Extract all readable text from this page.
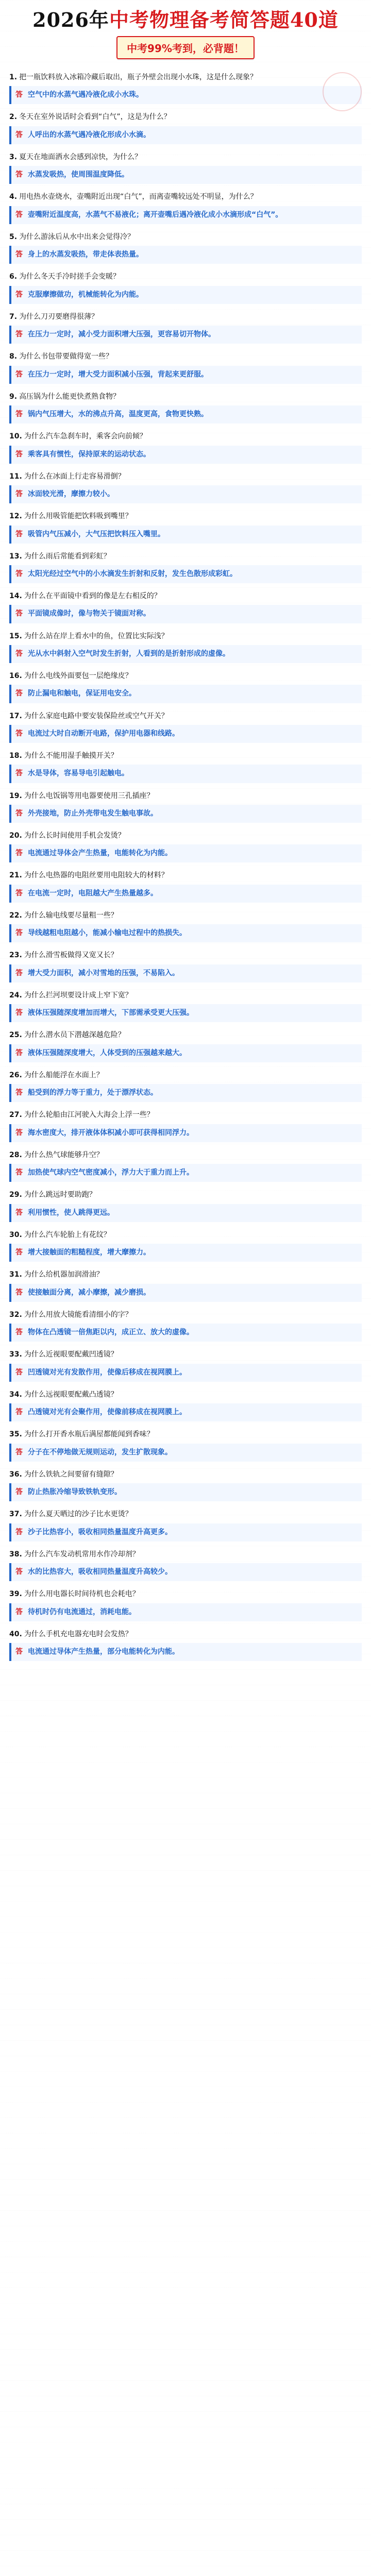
2026年中考物理备考简答题40道
中考99%考到，必背题！

1. 把一瓶饮料放入冰箱冷藏后取出，瓶子外壁会出现小水珠，这是什么现象？

答 空气中的水蒸气遇冷液化成小水珠。

2. 冬天在室外说话时会看到“白气”，这是为什么？

答 人呼出的水蒸气遇冷液化形成小水滴。

3. 夏天在地面洒水会感到凉快，为什么？

答 水蒸发吸热，使周围温度降低。

4. 用电热水壶烧水，壶嘴附近出现“白气”，而离壶嘴较远处不明显，为什么？

答 壶嘴附近温度高，水蒸气不易液化；离开壶嘴后遇冷液化成小水滴形成“白气”。

5. 为什么游泳后从水中出来会觉得冷？

答 身上的水蒸发吸热，带走体表热量。

6. 为什么冬天手冷时搓手会变暖？

答 克服摩擦做功，机械能转化为内能。

7. 为什么刀刃要磨得很薄？

答 在压力一定时，减小受力面积增大压强，更容易切开物体。

8. 为什么书包带要做得宽一些？

答 在压力一定时，增大受力面积减小压强，背起来更舒服。

9. 高压锅为什么能更快煮熟食物？

答 锅内气压增大，水的沸点升高，温度更高，食物更快熟。

10. 为什么汽车急刹车时，乘客会向前倾？

答 乘客具有惯性，保持原来的运动状态。

11. 为什么在冰面上行走容易滑倒？

答 冰面较光滑，摩擦力较小。

12. 为什么用吸管能把饮料吸到嘴里？

答 吸管内气压减小，大气压把饮料压入嘴里。

13. 为什么雨后常能看到彩虹？

答 太阳光经过空气中的小水滴发生折射和反射，发生色散形成彩虹。

14. 为什么在平面镜中看到的像是左右相反的？

答 平面镜成像时，像与物关于镜面对称。

15. 为什么站在岸上看水中的鱼，位置比实际浅？

答 光从水中斜射入空气时发生折射，人看到的是折射形成的虚像。

16. 为什么电线外面要包一层绝缘皮？

答 防止漏电和触电，保证用电安全。

17. 为什么家庭电路中要安装保险丝或空气开关？

答 电流过大时自动断开电路，保护用电器和线路。

18. 为什么不能用湿手触摸开关？

答 水是导体，容易导电引起触电。

19. 为什么电饭锅等用电器要使用三孔插座？

答 外壳接地，防止外壳带电发生触电事故。

20. 为什么长时间使用手机会发烫？

答 电流通过导体会产生热量，电能转化为内能。

21. 为什么电热器的电阻丝要用电阻较大的材料？

答 在电流一定时，电阻越大产生热量越多。

22. 为什么输电线要尽量粗一些？

答 导线越粗电阻越小，能减小输电过程中的热损失。

23. 为什么滑雪板做得又宽又长？

答 增大受力面积，减小对雪地的压强，不易陷入。

24. 为什么拦河坝要设计成上窄下宽？

答 液体压强随深度增加而增大，下部需承受更大压强。

25. 为什么潜水员下潜越深越危险？

答 液体压强随深度增大，人体受到的压强越来越大。

26. 为什么船能浮在水面上？

答 船受到的浮力等于重力，处于漂浮状态。

27. 为什么轮船由江河驶入大海会上浮一些？

答 海水密度大，排开液体体积减小即可获得相同浮力。

28. 为什么热气球能够升空？

答 加热使气球内空气密度减小，浮力大于重力而上升。

29. 为什么跳远时要助跑？

答 利用惯性，使人跳得更远。

30. 为什么汽车轮胎上有花纹？

答 增大接触面的粗糙程度，增大摩擦力。

31. 为什么给机器加润滑油？

答 使接触面分离，减小摩擦，减少磨损。

32. 为什么用放大镜能看清细小的字？

答 物体在凸透镜一倍焦距以内，成正立、放大的虚像。

33. 为什么近视眼要配戴凹透镜？

答 凹透镜对光有发散作用，使像后移成在视网膜上。

34. 为什么远视眼要配戴凸透镜？

答 凸透镜对光有会聚作用，使像前移成在视网膜上。

35. 为什么打开香水瓶后满屋都能闻到香味？

答 分子在不停地做无规则运动，发生扩散现象。

36. 为什么铁轨之间要留有缝隙？

答 防止热胀冷缩导致铁轨变形。

37. 为什么夏天晒过的沙子比水更烫？

答 沙子比热容小，吸收相同热量温度升高更多。

38. 为什么汽车发动机常用水作冷却剂？

答 水的比热容大，吸收相同热量温度升高较少。

39. 为什么用电器长时间待机也会耗电？

答 待机时仍有电流通过，消耗电能。

40. 为什么手机充电器充电时会发热？

答 电流通过导体产生热量，部分电能转化为内能。
